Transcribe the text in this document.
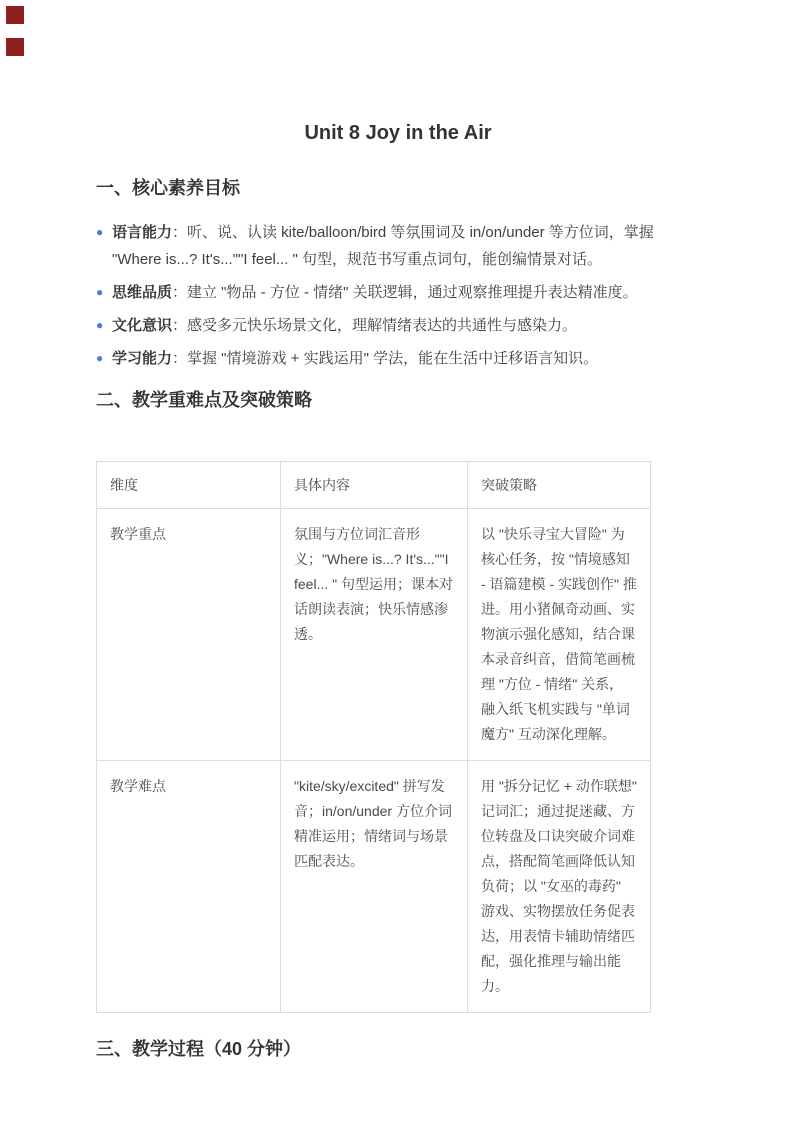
Unit 8 Joy in the Air
一、核心素养目标
● 语言能力：听、说、认读 kite/balloon/bird 等氛围词及 in/on/under 等方位词，掌握 "Where is...? It's...""I feel... " 句型，规范书写重点词句，能创编情景对话。
● 思维品质：建立 "物品 - 方位 - 情绪" 关联逻辑，通过观察推理提升表达精准度。
● 文化意识：感受多元快乐场景文化，理解情绪表达的共通性与感染力。
● 学习能力：掌握 "情境游戏 + 实践运用" 学法，能在生活中迁移语言知识。
二、教学重难点及突破策略
维度	具体内容	突破策略
教学重点	氛围与方位词汇音形义；"Where is...? It's...""I feel... " 句型运用；课本对话朗读表演；快乐情感渗透。	以 "快乐寻宝大冒险" 为核心任务，按 "情境感知 - 语篇建模 - 实践创作" 推进。用小猪佩奇动画、实物演示强化感知，结合课本录音纠音，借简笔画梳理 "方位 - 情绪" 关系，融入纸飞机实践与 "单词魔方" 互动深化理解。
教学难点	"kite/sky/excited" 拼写发音；in/on/under 方位介词精准运用；情绪词与场景匹配表达。	用 "拆分记忆 + 动作联想" 记词汇；通过捉迷藏、方位转盘及口诀突破介词难点，搭配简笔画降低认知负荷；以 "女巫的毒药" 游戏、实物摆放任务促表达，用表情卡辅助情绪匹配，强化推理与输出能力。
三、教学过程（40 分钟）
